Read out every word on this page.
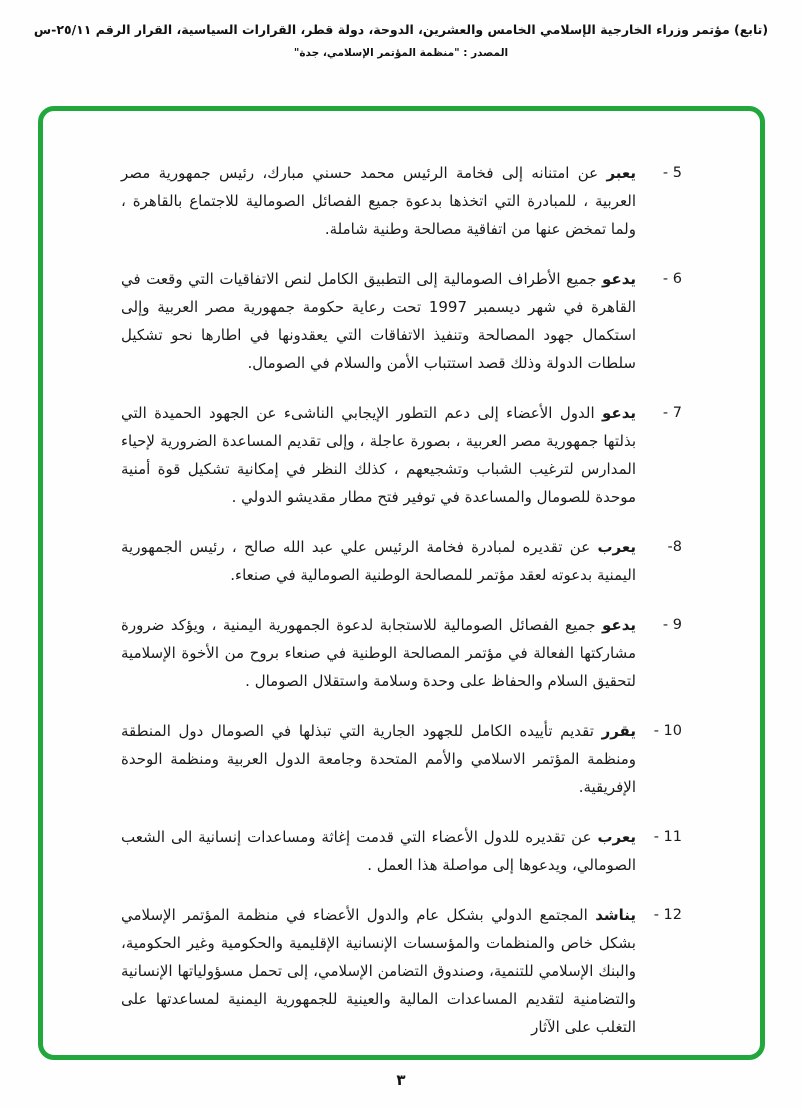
(تابع) مؤتمر وزراء الخارجية الإسلامي الخامس والعشرين، الدوحة، دولة قطر، القرارات السياسية، القرار الرقم ٢٥/١١-س
المصدر : "منظمة المؤتمر الإسلامي، جدة"
5 -

يعبر عن امتنانه إلى فخامة الرئيس محمد حسني مبارك، رئيس جمهورية مصر العربية ، للمبادرة التي اتخذها بدعوة جميع الفصائل الصومالية للاجتماع بالقاهرة ، ولما تمخض عنها من اتفاقية مصالحة وطنية شاملة.

6 -

يدعو جميع الأطراف الصومالية إلى التطبيق الكامل لنص الاتفاقيات التي وقعت في القاهرة في شهر ديسمبر 1997 تحت رعاية حكومة جمهورية مصر العربية وإلى استكمال جهود المصالحة وتنفيذ الاتفاقات التي يعقدونها في اطارها نحو تشكيل سلطات الدولة وذلك قصد استتباب الأمن والسلام في الصومال.

7 -

يدعو الدول الأعضاء إلى دعم التطور الإيجابي الناشىء عن الجهود الحميدة التي بذلتها جمهورية مصر العربية ، بصورة عاجلة ، وإلى تقديم المساعدة الضرورية لإحياء المدارس لترغيب الشباب وتشجيعهم ، كذلك النظر في إمكانية تشكيل قوة أمنية موحدة للصومال والمساعدة في توفير فتح مطار مقديشو الدولي .

8-

يعرب عن تقديره لمبادرة فخامة الرئيس علي عبد الله صالح ، رئيس الجمهورية اليمنية بدعوته لعقد مؤتمر للمصالحة الوطنية الصومالية في صنعاء.

9 -

يدعو جميع الفصائل الصومالية للاستجابة لدعوة الجمهورية اليمنية ، ويؤكد ضرورة مشاركتها الفعالة في مؤتمر المصالحة الوطنية في صنعاء بروح من الأخوة الإسلامية لتحقيق السلام والحفاظ على وحدة وسلامة واستقلال الصومال .

10 -

يقرر تقديم تأييده الكامل للجهود الجارية التي تبذلها في الصومال دول المنطقة ومنظمة المؤتمر الاسلامي والأمم المتحدة وجامعة الدول العربية ومنظمة الوحدة الإفريقية.

11 -

يعرب عن تقديره للدول الأعضاء التي قدمت إغاثة ومساعدات إنسانية الى الشعب الصومالي، ويدعوها إلى مواصلة هذا العمل .

12 -

يناشد المجتمع الدولي بشكل عام والدول الأعضاء في منظمة المؤتمر الإسلامي بشكل خاص والمنظمات والمؤسسات الإنسانية الإقليمية والحكومية وغير الحكومية، والبنك الإسلامي للتنمية، وصندوق التضامن الإسلامي، إلى تحمل مسؤولياتها الإنسانية والتضامنية لتقديم المساعدات المالية والعينية للجمهورية اليمنية لمساعدتها على التغلب على الآثار

٣
